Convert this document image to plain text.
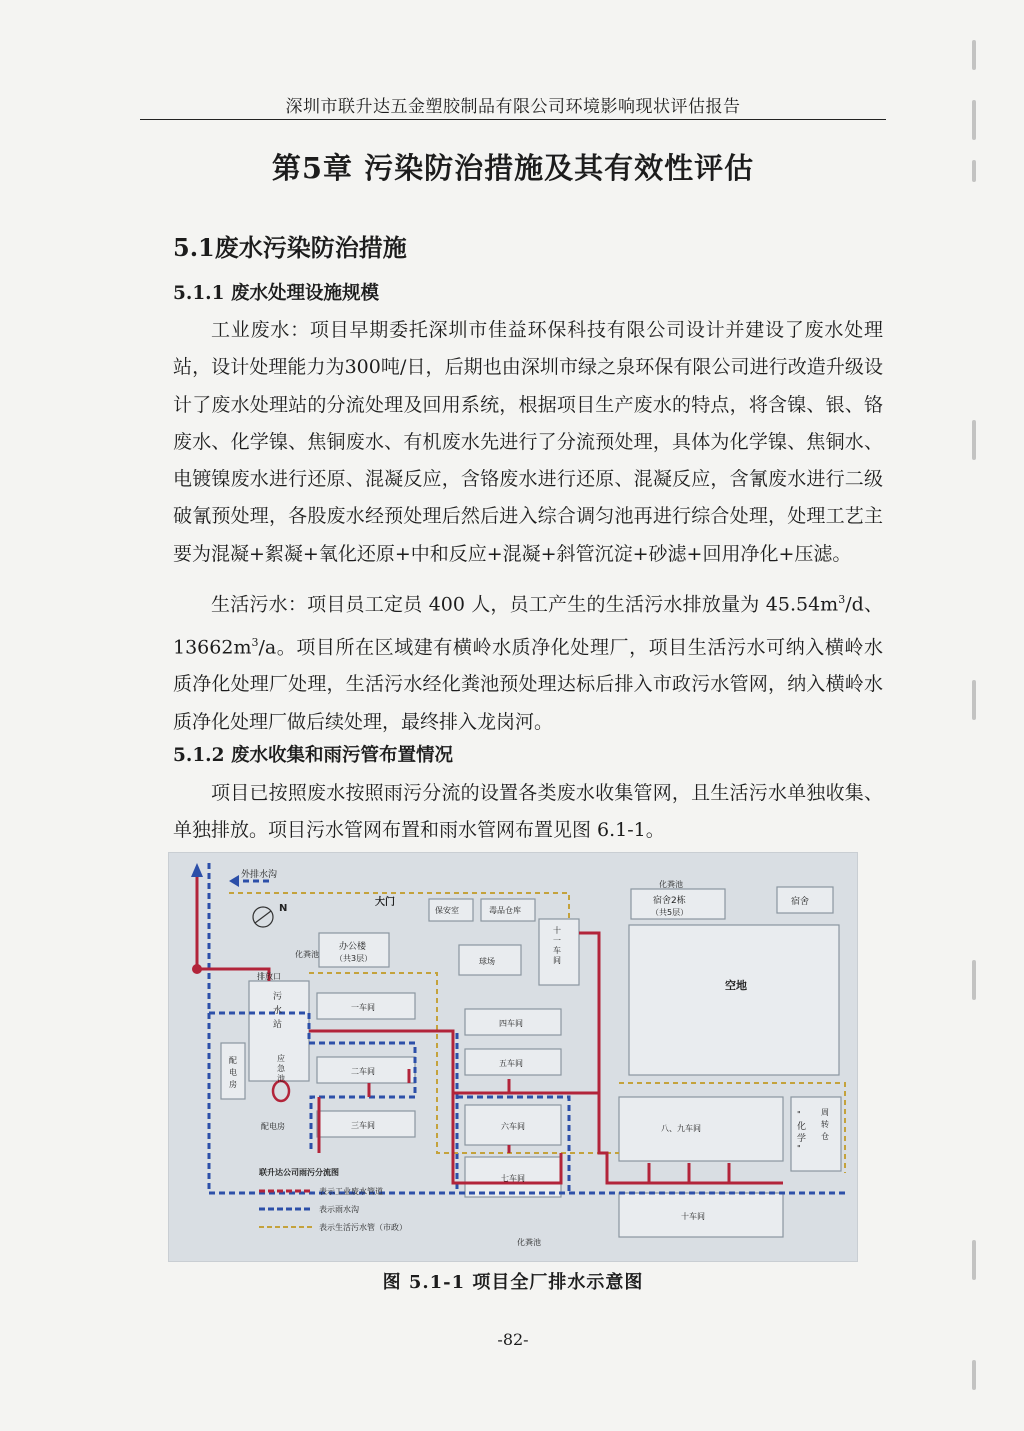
深圳市联升达五金塑胶制品有限公司环境影响现状评估报告
第5章 污染防治措施及其有效性评估
5.1废水污染防治措施
5.1.1 废水处理设施规模

工业废水：项目早期委托深圳市佳益环保科技有限公司设计并建设了废水处理站，设计处理能力为300吨/日，后期也由深圳市绿之泉环保有限公司进行改造升级设计了废水处理站的分流处理及回用系统，根据项目生产废水的特点，将含镍、银、铬废水、化学镍、焦铜废水、有机废水先进行了分流预处理，具体为化学镍、焦铜水、电镀镍废水进行还原、混凝反应，含铬废水进行还原、混凝反应，含氰废水进行二级破氰预处理，各股废水经预处理后然后进入综合调匀池再进行综合处理，处理工艺主要为混凝+絮凝+氧化还原+中和反应+混凝+斜管沉淀+砂滤+回用净化+压滤。

生活污水：项目员工定员 400 人，员工产生的生活污水排放量为 $45.54m^3/d$、$13662m^3/a$。项目所在区域建有横岭水质净化处理厂，项目生活污水可纳入横岭水质净化处理厂处理，生活污水经化粪池预处理达标后排入市政污水管网，纳入横岭水质净化处理厂做后续处理，最终排入龙岗河。

5.1.2 废水收集和雨污管布置情况

项目已按照废水按照雨污分流的设置各类废水收集管网，且生活污水单独收集、单独排放。项目污水管网布置和雨水管网布置见图 6.1-1。

外排水沟
N
大门
保安室	毒品仓库
化粪池
宿舍2栋
（共5层）
宿舍
化粪池
办公楼
（共3层）	球场
十
一
车
间
空地
排放口
污
水
站
一车间
四车间
五车间
二车间
应
急
池
配
电
房
三车间	六车间	八、九车间
"
化
学
"
周
转
仓
配电房
七车间
十车间
化粪池
联升达公司雨污分流图
表示工业废水管道
表示雨水沟
表示生活污水管（市政）
图 5.1-1 项目全厂排水示意图
-82-
